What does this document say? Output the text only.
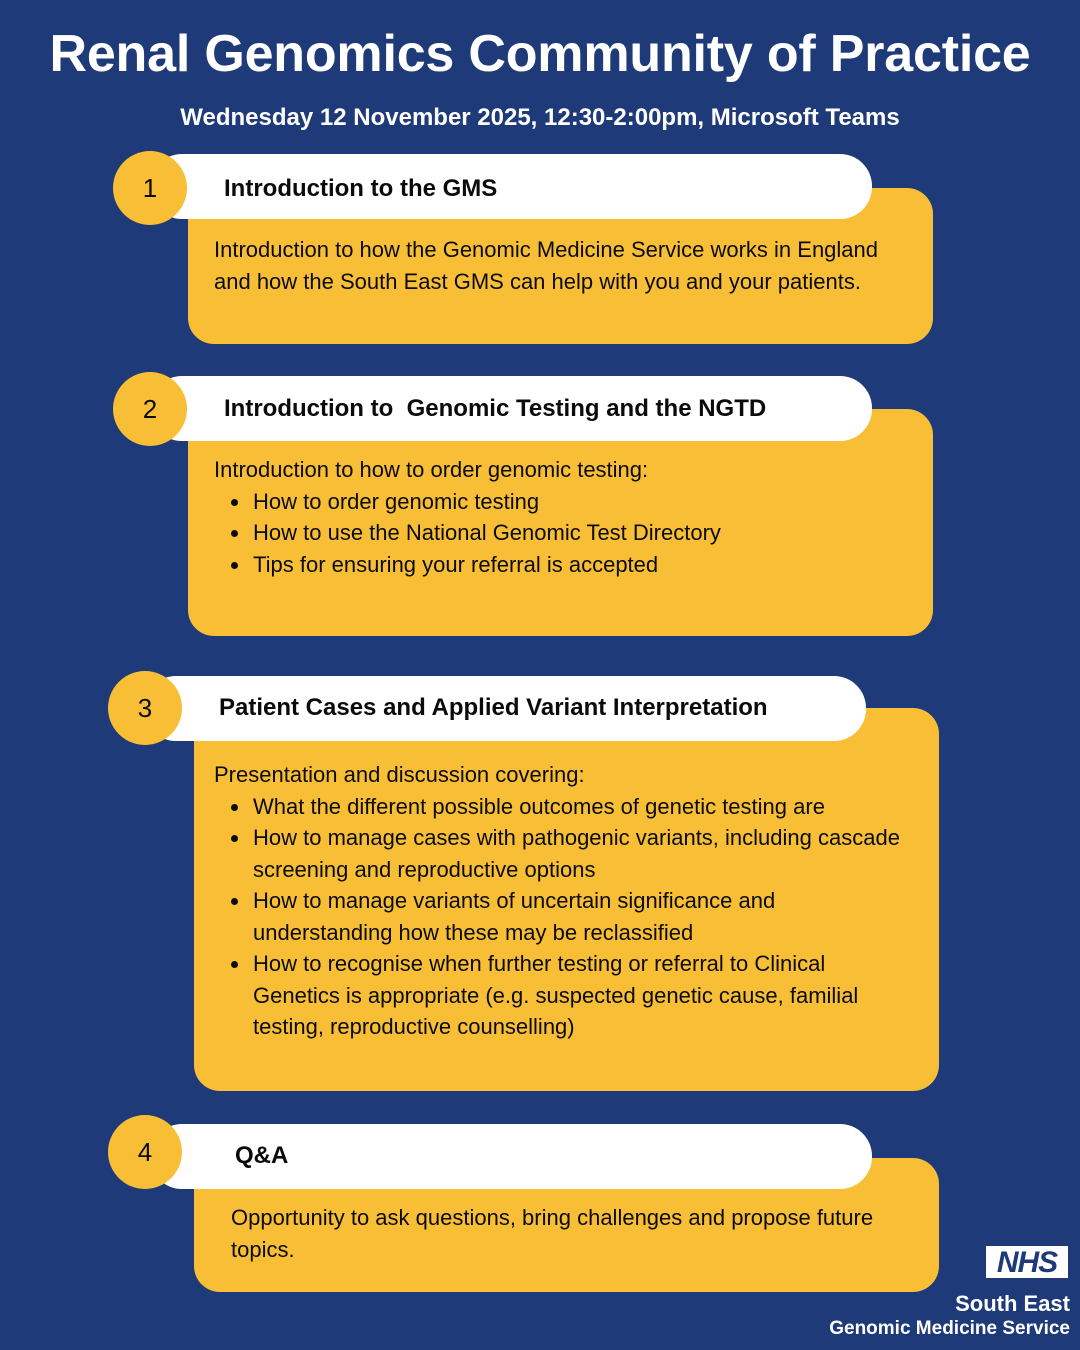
Renal Genomics Community of Practice
Wednesday 12 November 2025, 12:30-2:00pm, Microsoft Teams
1	Introduction to the GMS

Introduction to how the Genomic Medicine Service works in England and how the South East GMS can help with you and your patients.

2	Introduction to  Genomic Testing and the NGTD

Introduction to how to order genomic testing:

How to order genomic testing
How to use the National Genomic Test Directory
Tips for ensuring your referral is accepted
3	Patient Cases and Applied Variant Interpretation

Presentation and discussion covering:

What the different possible outcomes of genetic testing are
How to manage cases with pathogenic variants, including cascade screening and reproductive options
How to manage variants of uncertain significance and understanding how these may be reclassified
How to recognise when further testing or referral to Clinical Genetics is appropriate (e.g. suspected genetic cause, familial testing, reproductive counselling)
4	Q&A

Opportunity to ask questions, bring challenges and propose future topics.	NHS
South East
Genomic Medicine Service
